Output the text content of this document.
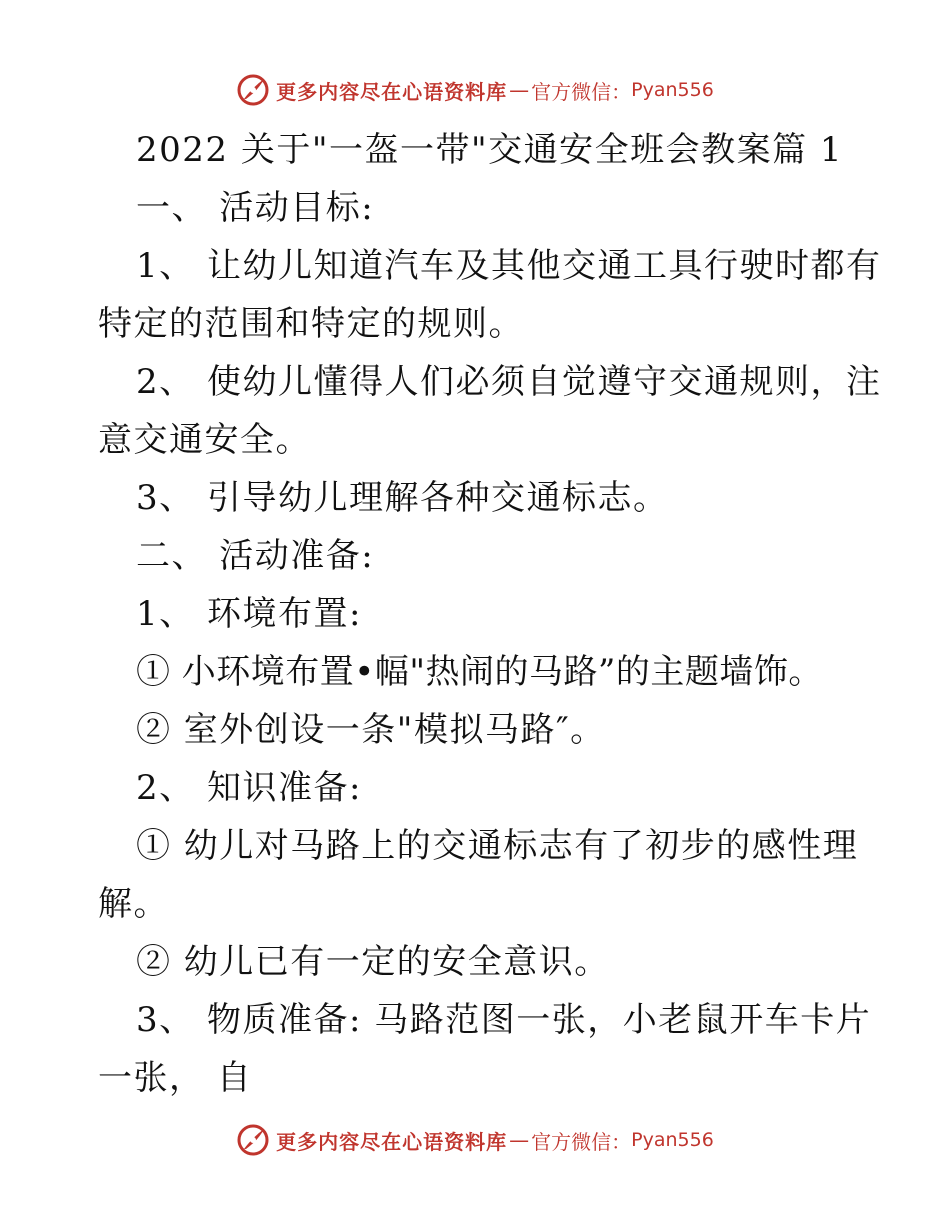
更多内容尽在心语资料库 — 官方微信： Pyan556
2022 关于"一盔一带"交通安全班会教案篇 1
一、 活动目标:
1、 让幼儿知道汽车及其他交通工具行驶时都有
特定的范围和特定的规则。
2、 使幼儿懂得人们必须自觉遵守交通规则，注
意交通安全。
3、 引导幼儿理解各种交通标志。
二、 活动准备:
1、 环境布置:
① 小环境布置•幅"热闹的马路”的主题墙饰。
② 室外创设一条"模拟马路″。
2、 知识准备:
① 幼儿对马路上的交通标志有了初步的感性理
解。
② 幼儿已有一定的安全意识。
3、 物质准备: 马路范图一张，小老鼠开车卡片
一张， 自
更多内容尽在心语资料库 — 官方微信： Pyan556
